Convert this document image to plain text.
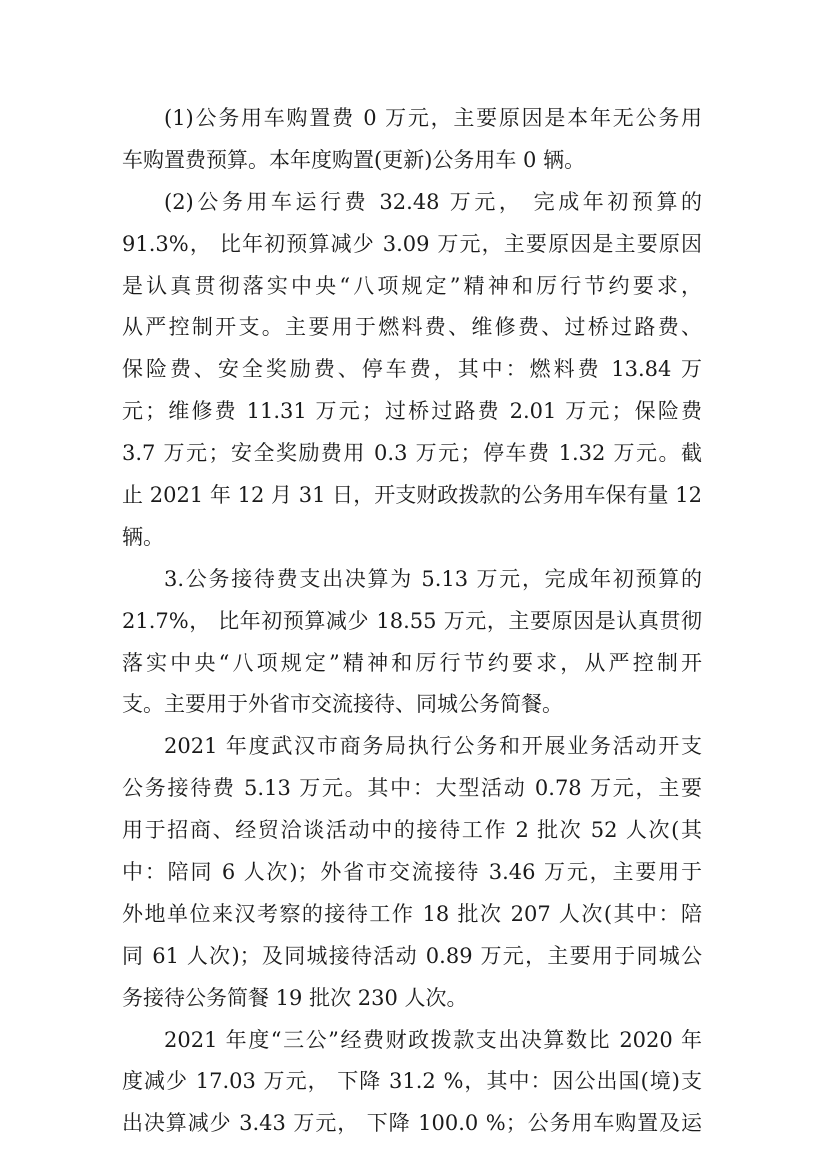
(1)公务用车购置费 0 万元，主要原因是本年无公务用
车购置费预算。本年度购置(更新)公务用车 0 辆。
(2)公务用车运行费 32.48 万元， 完成年初预算的
91.3%， 比年初预算减少 3.09 万元，主要原因是主要原因
是认真贯彻落实中央“八项规定”精神和厉行节约要求，
从严控制开支。主要用于燃料费、维修费、过桥过路费、
保险费、安全奖励费、停车费，其中：燃料费 13.84 万
元；维修费 11.31 万元；过桥过路费 2.01 万元；保险费
3.7 万元；安全奖励费用 0.3 万元；停车费 1.32 万元。截
止 2021 年 12 月 31 日，开支财政拨款的公务用车保有量 12
辆。
3.公务接待费支出决算为 5.13 万元，完成年初预算的
21.7%， 比年初预算减少 18.55 万元，主要原因是认真贯彻
落实中央“八项规定”精神和厉行节约要求，从严控制开
支。主要用于外省市交流接待、同城公务简餐。
2021 年度武汉市商务局执行公务和开展业务活动开支
公务接待费 5.13 万元。其中：大型活动 0.78 万元，主要
用于招商、经贸洽谈活动中的接待工作 2 批次 52 人次(其
中：陪同 6 人次)；外省市交流接待 3.46 万元，主要用于
外地单位来汉考察的接待工作 18 批次 207 人次(其中：陪
同 61 人次)；及同城接待活动 0.89 万元，主要用于同城公
务接待公务简餐 19 批次 230 人次。
2021 年度“三公”经费财政拨款支出决算数比 2020 年
度减少 17.03 万元， 下降 31.2 %，其中：因公出国(境)支
出决算减少 3.43 万元， 下降 100.0 %；公务用车购置及运
